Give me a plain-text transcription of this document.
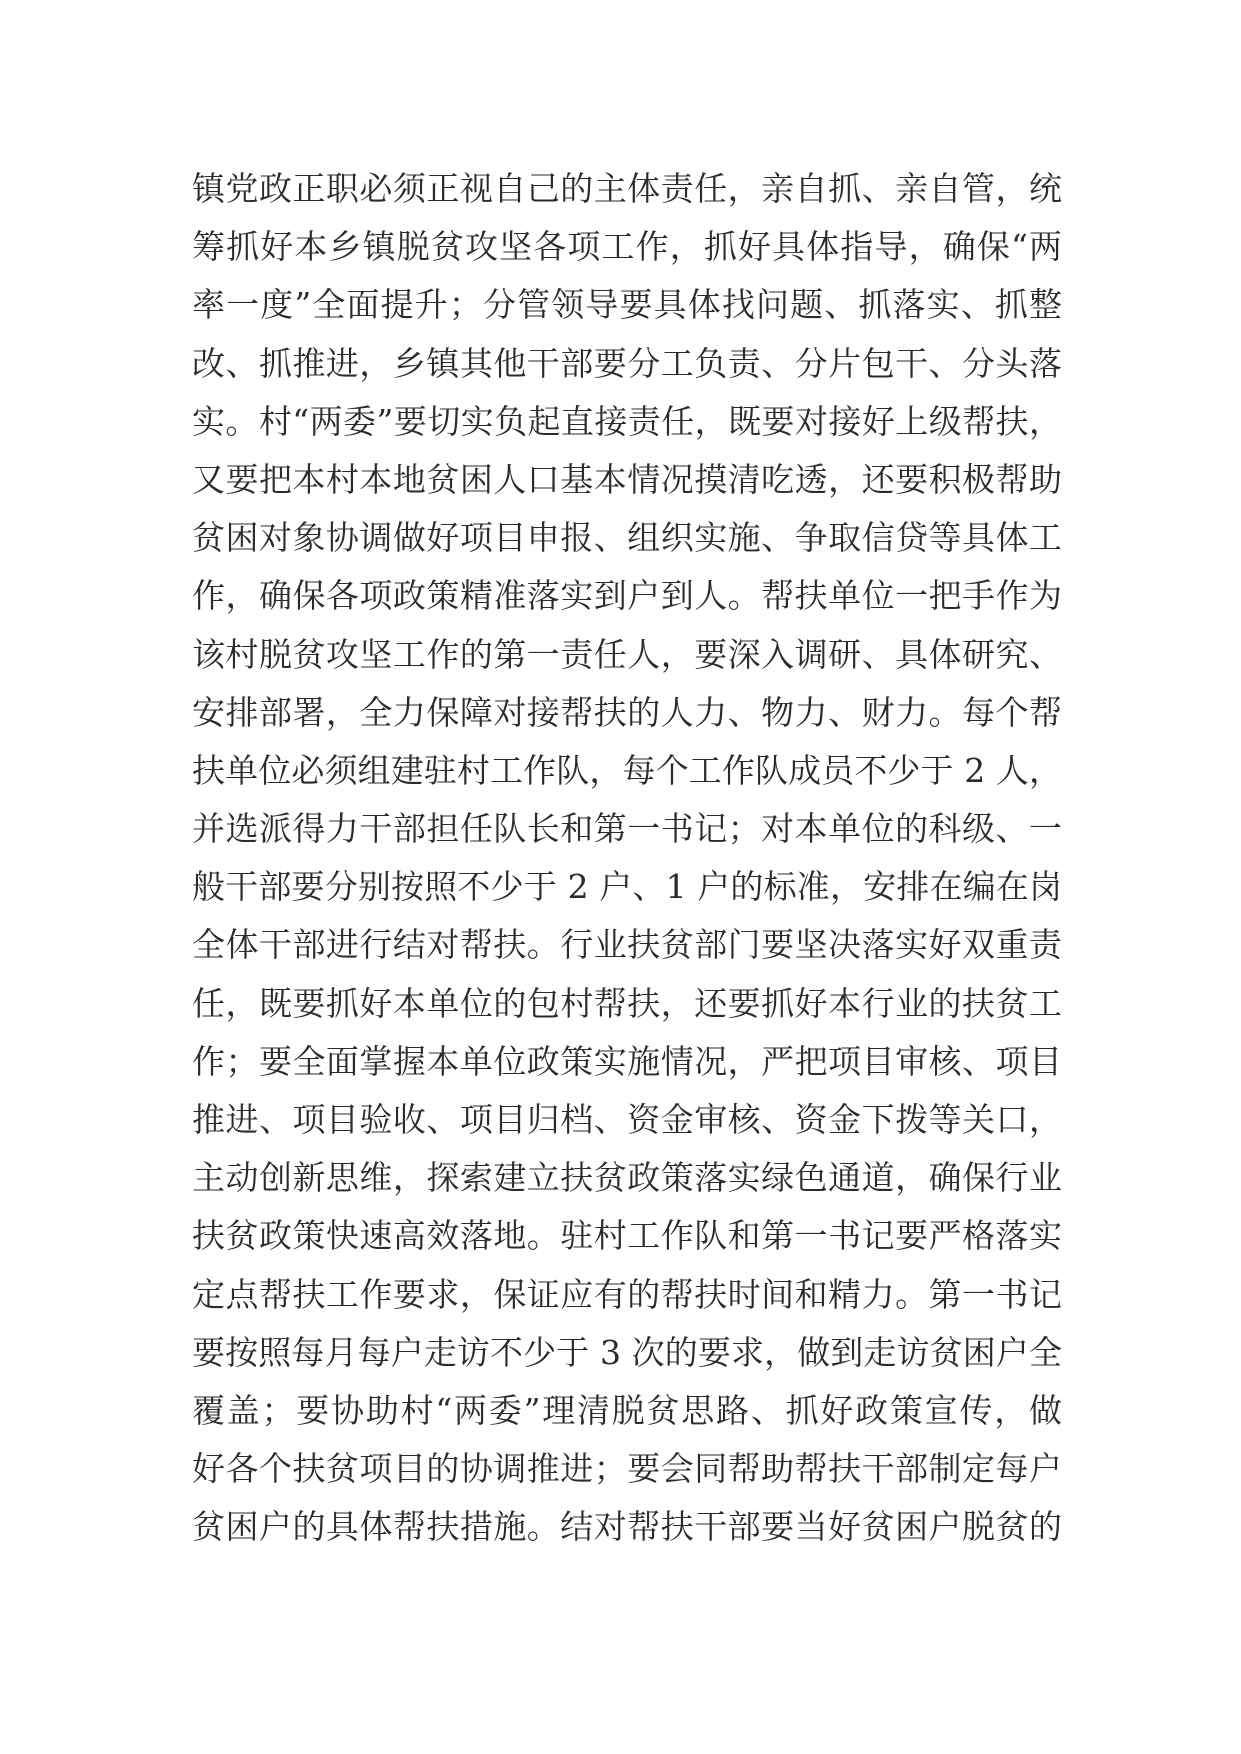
镇党政正职必须正视自己的主体责任，亲自抓、亲自管，统
筹抓好本乡镇脱贫攻坚各项工作，抓好具体指导，确保“两
率一度”全面提升；分管领导要具体找问题、抓落实、抓整
改、抓推进，乡镇其他干部要分工负责、分片包干、分头落
实。村“两委”要切实负起直接责任，既要对接好上级帮扶，
又要把本村本地贫困人口基本情况摸清吃透，还要积极帮助
贫困对象协调做好项目申报、组织实施、争取信贷等具体工
作，确保各项政策精准落实到户到人。帮扶单位一把手作为
该村脱贫攻坚工作的第一责任人，要深入调研、具体研究、
安排部署，全力保障对接帮扶的人力、物力、财力。每个帮
扶单位必须组建驻村工作队，每个工作队成员不少于 2 人，
并选派得力干部担任队长和第一书记；对本单位的科级、一
般干部要分别按照不少于 2 户、1 户的标准，安排在编在岗
全体干部进行结对帮扶。行业扶贫部门要坚决落实好双重责
任，既要抓好本单位的包村帮扶，还要抓好本行业的扶贫工
作；要全面掌握本单位政策实施情况，严把项目审核、项目
推进、项目验收、项目归档、资金审核、资金下拨等关口，
主动创新思维，探索建立扶贫政策落实绿色通道，确保行业
扶贫政策快速高效落地。驻村工作队和第一书记要严格落实
定点帮扶工作要求，保证应有的帮扶时间和精力。第一书记
要按照每月每户走访不少于 3 次的要求，做到走访贫困户全
覆盖；要协助村“两委”理清脱贫思路、抓好政策宣传，做
好各个扶贫项目的协调推进；要会同帮助帮扶干部制定每户
贫困户的具体帮扶措施。结对帮扶干部要当好贫困户脱贫的
